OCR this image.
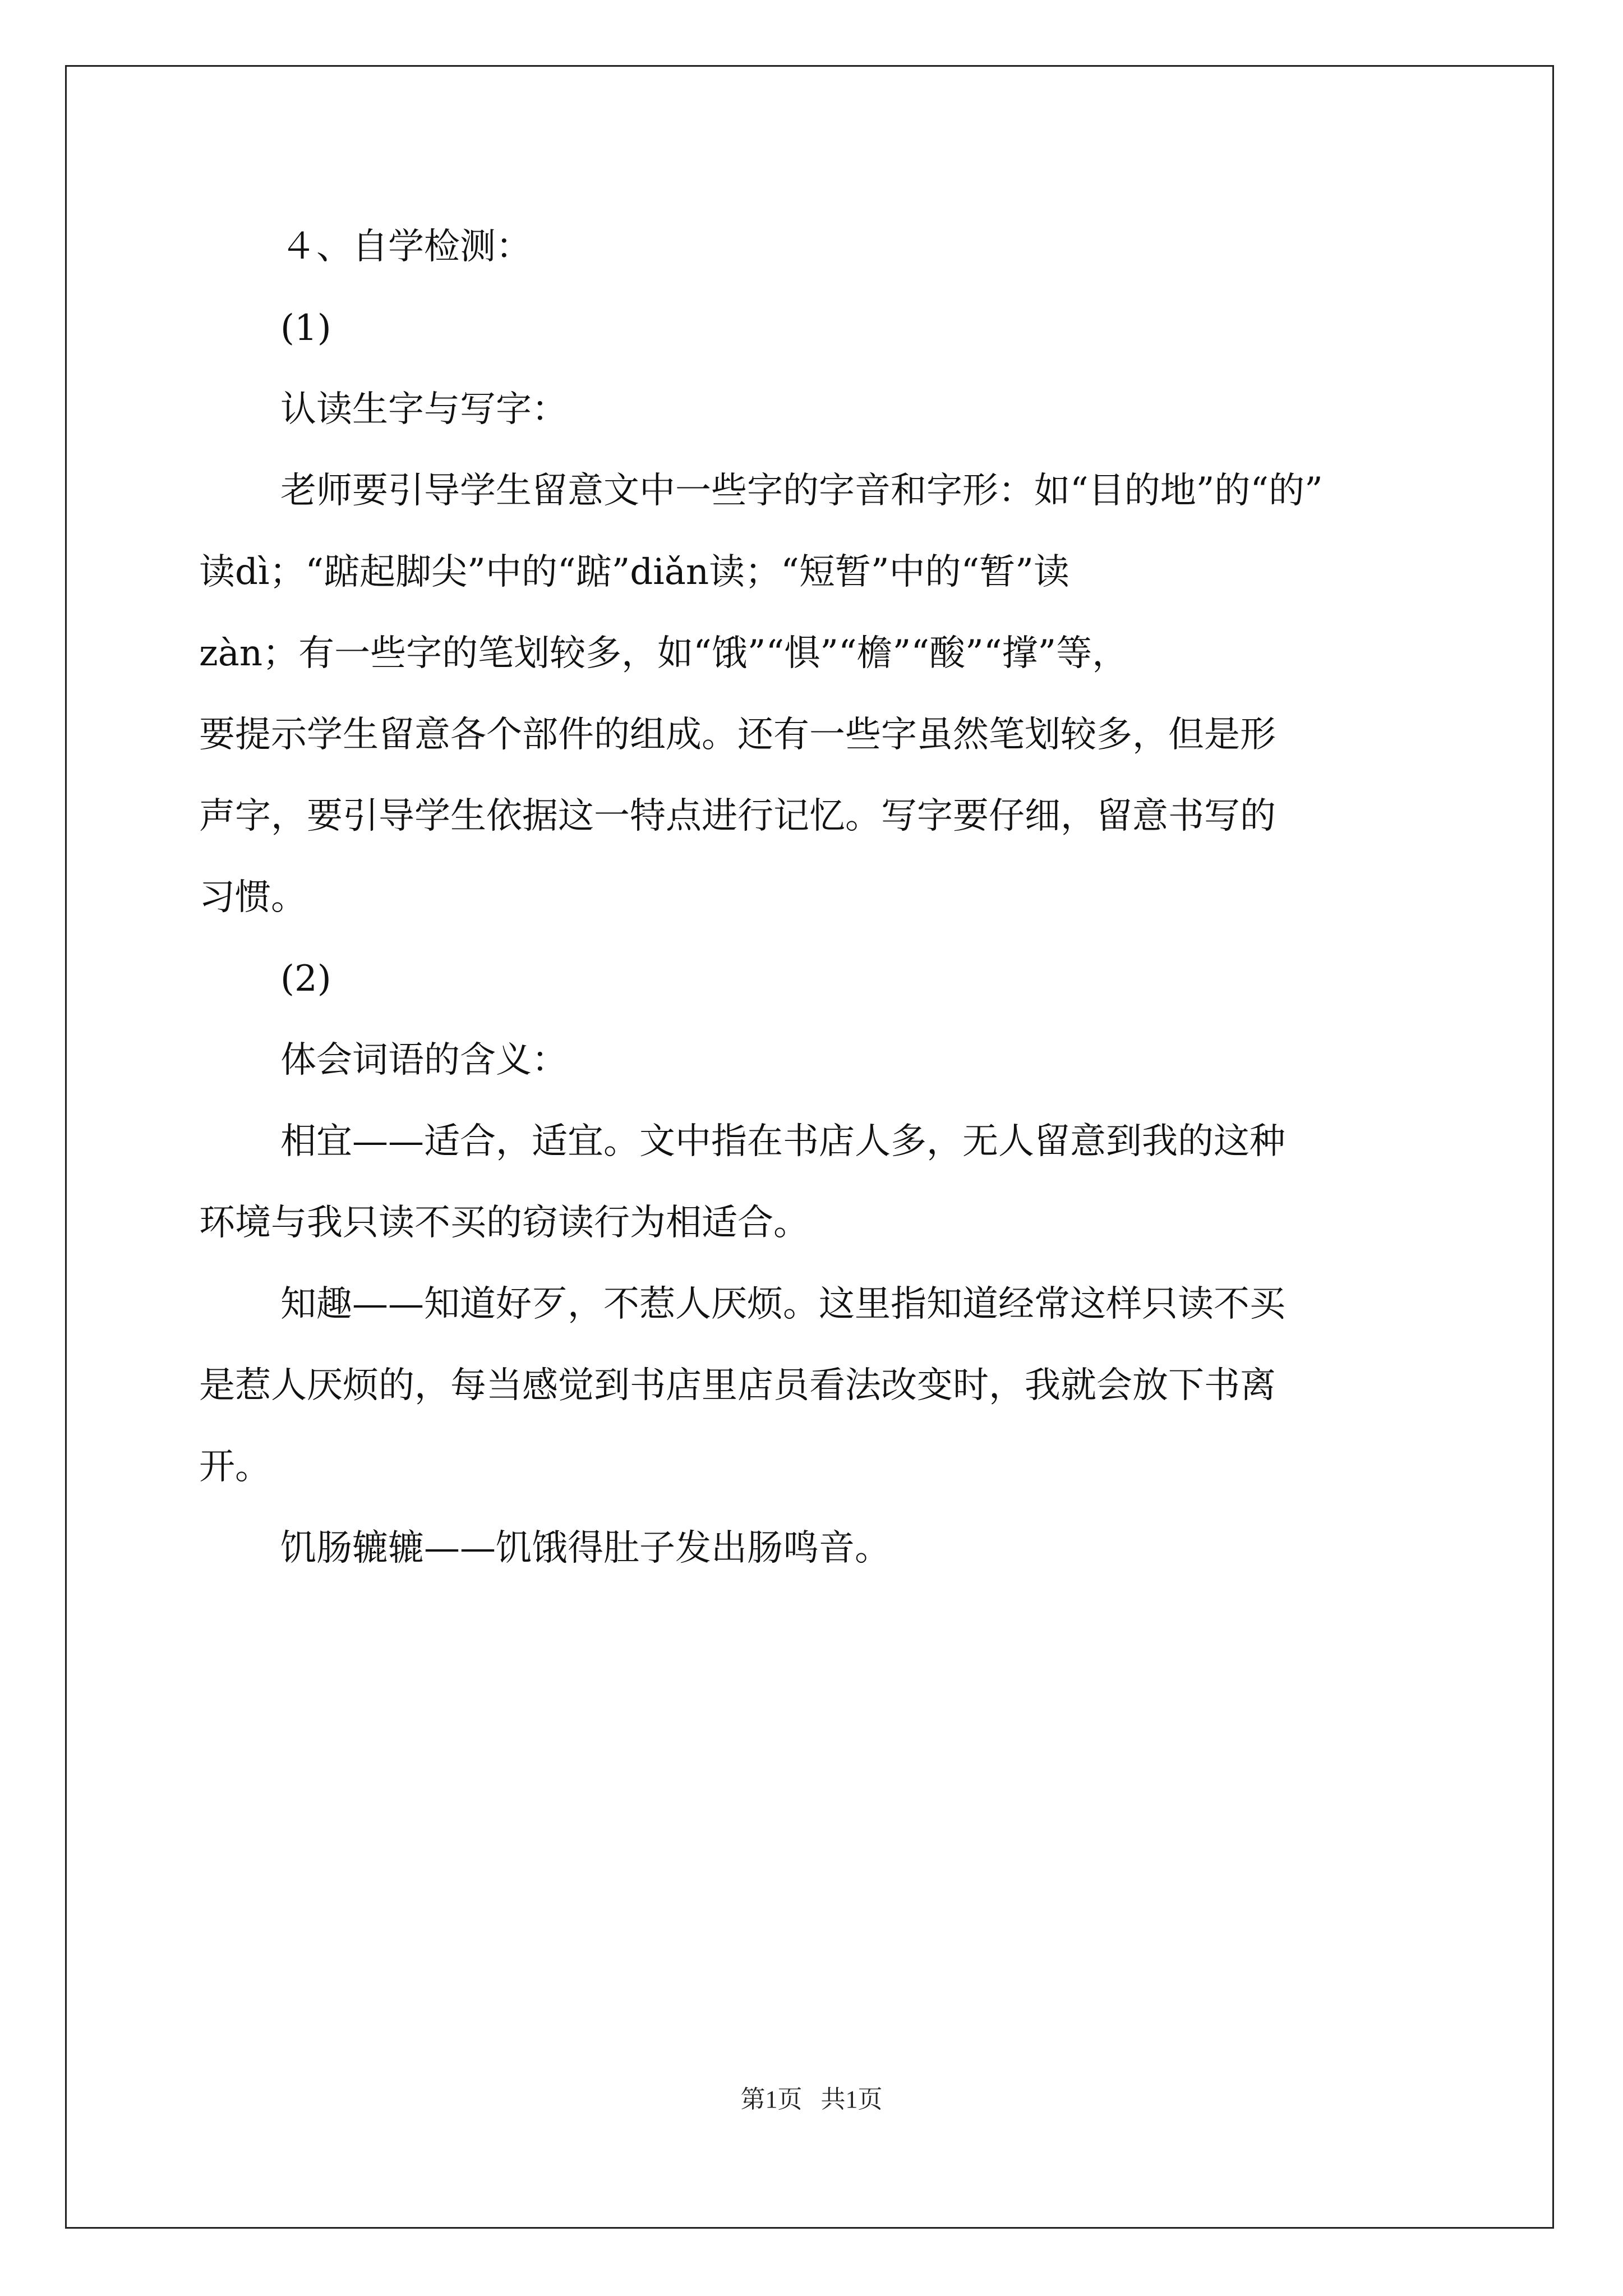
４、自学检测：
(1)
认读生字与写字：
老师要引导学生留意文中一些字的字音和字形：如“目的地”的“的”
读dì；“踮起脚尖”中的“踮”diǎn读；“短暂”中的“暂”读
zàn；有一些字的笔划较多，如“饿”“惧”“檐”“酸”“撑”等，
要提示学生留意各个部件的组成。还有一些字虽然笔划较多，但是形
声字，要引导学生依据这一特点进行记忆。写字要仔细，留意书写的
习惯。
(2)
体会词语的含义：
相宜——适合，适宜。文中指在书店人多，无人留意到我的这种
环境与我只读不买的窃读行为相适合。
知趣——知道好歹，不惹人厌烦。这里指知道经常这样只读不买
是惹人厌烦的，每当感觉到书店里店员看法改变时，我就会放下书离
开。
饥肠辘辘——饥饿得肚子发出肠鸣音。
第1页   共1页
